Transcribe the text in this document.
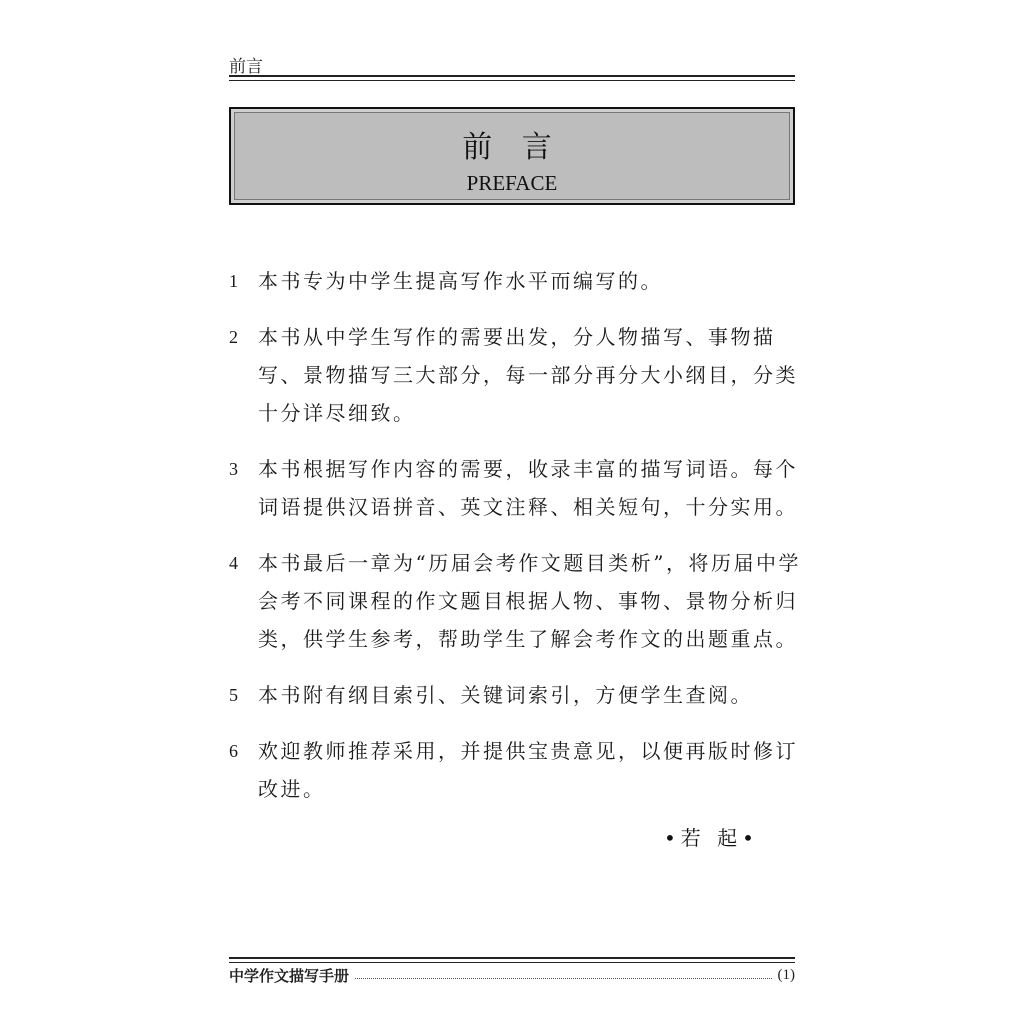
前言
前 言
PREFACE
1 本书专为中学生提高写作水平而编写的。
2 本书从中学生写作的需要出发，分人物描写、事物描写、景物描写三大部分，每一部分再分大小纲目，分类十分详尽细致。
3 本书根据写作内容的需要，收录丰富的描写词语。每个词语提供汉语拼音、英文注释、相关短句，十分实用。
4 本书最后一章为“历届会考作文题目类析”，将历届中学会考不同课程的作文题目根据人物、事物、景物分析归类，供学生参考，帮助学生了解会考作文的出题重点。
5 本书附有纲目索引、关键词索引，方便学生查阅。
6 欢迎教师推荐采用，并提供宝贵意见，以便再版时修订改进。
•若 起•
中学作文描写手册	(1)
